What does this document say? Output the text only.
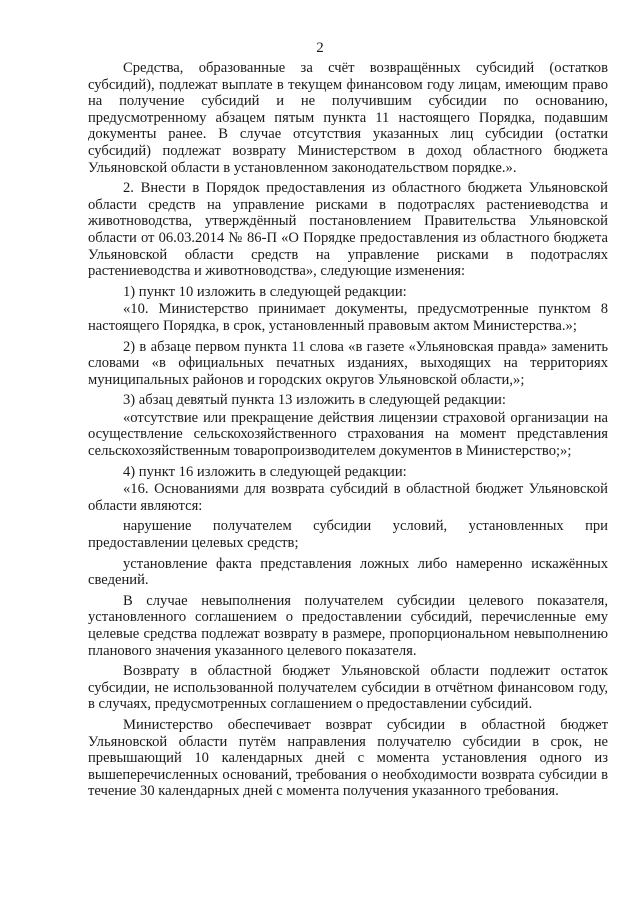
2

Средства, образованные за счёт возвращённых субсидий (остатков субсидий), подлежат выплате в текущем финансовом году лицам, имеющим право на получение субсидий и не получившим субсидии по основанию, предусмотренному абзацем пятым пункта 11 настоящего Порядка, подавшим документы ранее. В случае отсутствия указанных лиц субсидии (остатки субсидий) подлежат возврату Министерством в доход областного бюджета Ульяновской области в установленном законодательством порядке.».

2. Внести в Порядок предоставления из областного бюджета Ульяновской области средств на управление рисками в подотраслях растениеводства и животноводства, утверждённый постановлением Правительства Ульяновской области от 06.03.2014 № 86-П «О Порядке предоставления из областного бюджета Ульяновской области средств на управление рисками в подотраслях растениеводства и животноводства», следующие изменения:

1) пункт 10 изложить в следующей редакции:

«10. Министерство принимает документы, предусмотренные пунктом 8 настоящего Порядка, в срок, установленный правовым актом Министерства.»;

2) в абзаце первом пункта 11 слова «в газете «Ульяновская правда» заменить словами «в официальных печатных изданиях, выходящих на территориях муниципальных районов и городских округов Ульяновской области,»;

3) абзац девятый пункта 13 изложить в следующей редакции:

«отсутствие или прекращение действия лицензии страховой организации на осуществление сельскохозяйственного страхования на момент представления сельскохозяйственным товаропроизводителем документов в Министерство;»;

4) пункт 16 изложить в следующей редакции:

«16. Основаниями для возврата субсидий в областной бюджет Ульяновской области являются:

нарушение получателем субсидии условий, установленных при предоставлении целевых средств;

установление факта представления ложных либо намеренно искажённых сведений.

В случае невыполнения получателем субсидии целевого показателя, установленного соглашением о предоставлении субсидий, перечисленные ему целевые средства подлежат возврату в размере, пропорциональном невыполнению планового значения указанного целевого показателя.

Возврату в областной бюджет Ульяновской области подлежит остаток субсидии, не использованной получателем субсидии в отчётном финансовом году, в случаях, предусмотренных соглашением о предоставлении субсидий.

Министерство обеспечивает возврат субсидии в областной бюджет Ульяновской области путём направления получателю субсидии в срок, не превышающий 10 календарных дней с момента установления одного из вышеперечисленных оснований, требования о необходимости возврата субсидии в течение 30 календарных дней с момента получения указанного требования.
